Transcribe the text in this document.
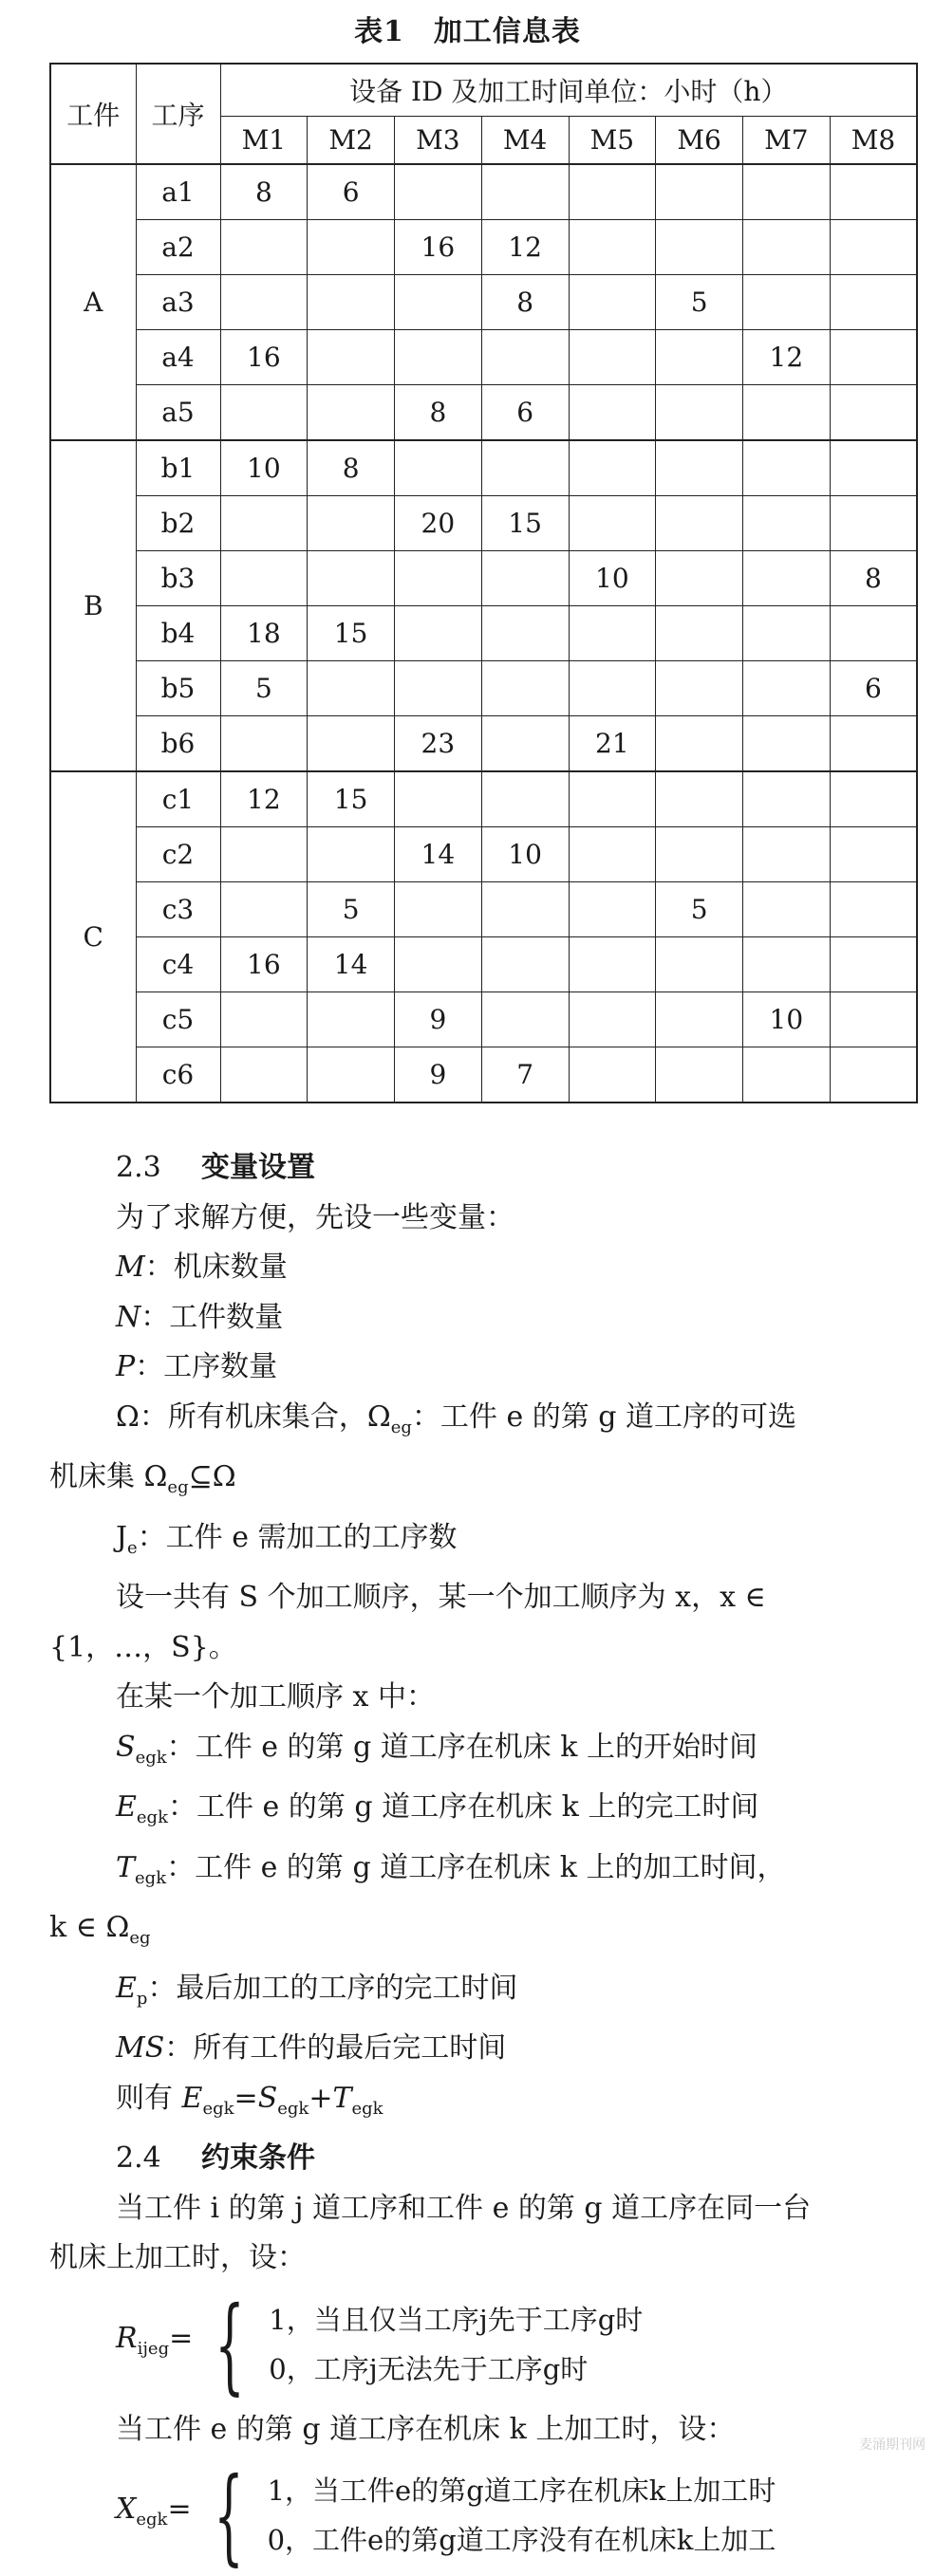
表1　加工信息表
工件	工序	设备 ID 及加工时间单位：小时（h）							
		M1	M2	M3	M4	M5	M6	M7	M8
A	a1	8	6						
	a2			16	12				
	a3				8		5		
	a4	16						12	
	a5			8	6				
B	b1	10	8						
	b2			20	15				
	b3					10			8
	b4	18	15						
	b5	5							6
	b6			23		21			
C	c1	12	15						
	c2			14	10				
	c3		5				5		
	c4	16	14						
	c5			9				10	
	c6			9	7				

2.3 变量设置

为了求解方便，先设一些变量：

M：机床数量

N：工件数量

P：工序数量

Ω：所有机床集合，$\Omega_{eg}$：工件 e 的第 g 道工序的可选

机床集 $\Omega_{eg}⊆\Omega$

$J_e$：工件 e 需加工的工序数

设一共有 S 个加工顺序，某一个加工顺序为 x，x ∈

{1，…，S}。

在某一个加工顺序 x 中：

$S_{egk}$：工件 e 的第 g 道工序在机床 k 上的开始时间

$E_{egk}$：工件 e 的第 g 道工序在机床 k 上的完工时间

$T_{egk}$：工件 e 的第 g 道工序在机床 k 上的加工时间，

k ∈ $\Omega_{eg}$

$E_p$：最后加工的工序的完工时间

MS：所有工件的最后完工时间

则有 $E_{egk}=S_{egk}+T_{egk}$

2.4 约束条件

当工件 i 的第 j 道工序和工件 e 的第 g 道工序在同一台

机床上加工时，设：

$R_{ijeg}=$ { 1，当且仅当工序j先于工序g时
0，工序j无法先于工序g时

当工件 e 的第 g 道工序在机床 k 上加工时，设：

$X_{egk}=$ { 1，当工件e的第g道工序在机床k上加工时
0，工件e的第g道工序没有在机床k上加工
麦涌期刊网
